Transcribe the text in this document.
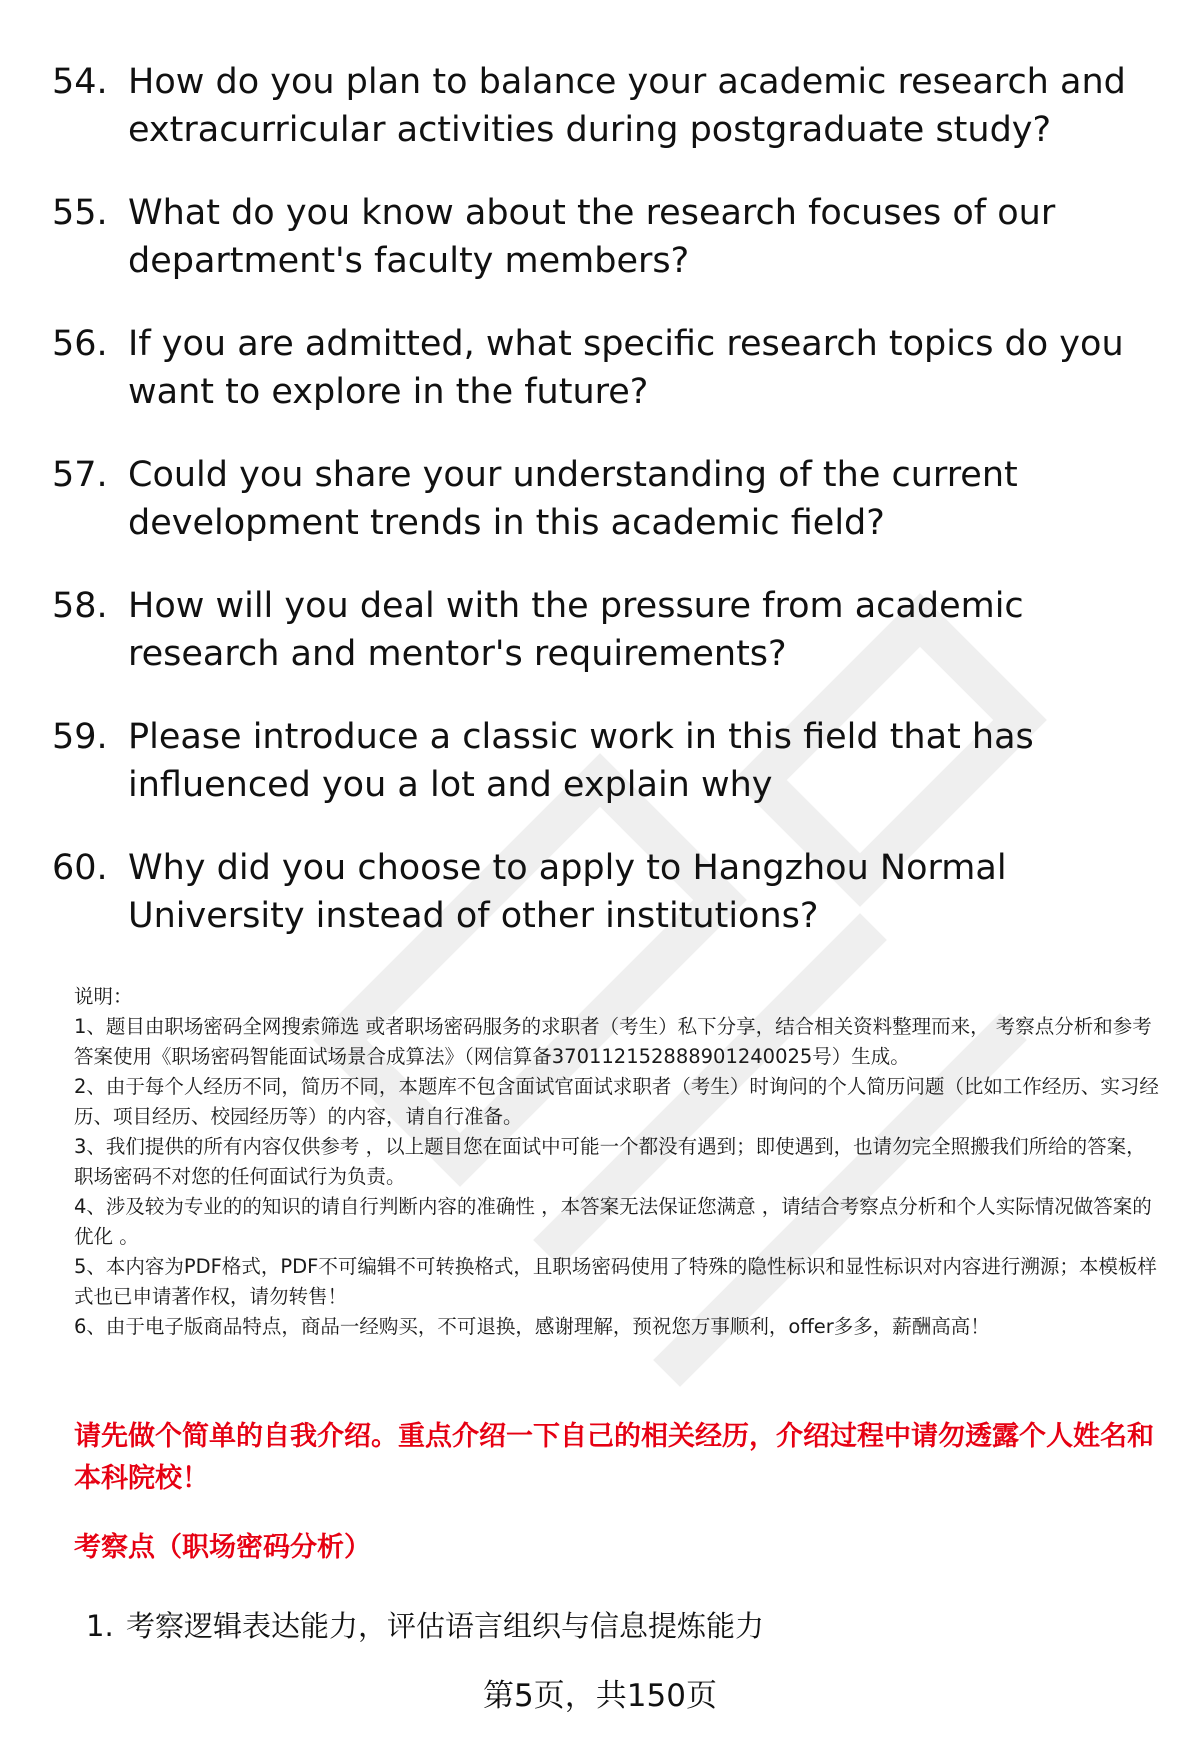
54. How do you plan to balance your academic research and extracurricular activities during postgraduate study?
55. What do you know about the research focuses of our department's faculty members?
56. If you are admitted, what specific research topics do you want to explore in the future?
57. Could you share your understanding of the current development trends in this academic field?
58. How will you deal with the pressure from academic research and mentor's requirements?
59. Please introduce a classic work in this field that has influenced you a lot and explain why
60. Why did you choose to apply to Hangzhou Normal University instead of other institutions?

说明：

1、题目由职场密码全网搜索筛选 或者职场密码服务的求职者（考生）私下分享，结合相关资料整理而来， 考察点分析和参考答案使用《职场密码智能面试场景合成算法》（网信算备370112152888901240025号）生成。

2、由于每个人经历不同，简历不同，本题库不包含面试官面试求职者（考生）时询问的个人简历问题（比如工作经历、实习经历、项目经历、校园经历等）的内容，请自行准备。

3、我们提供的所有内容仅供参考 ，以上题目您在面试中可能一个都没有遇到；即使遇到，也请勿完全照搬我们所给的答案，职场密码不对您的任何面试行为负责。

4、涉及较为专业的的知识的请自行判断内容的准确性 ，本答案无法保证您满意 ，请结合考察点分析和个人实际情况做答案的优化 。

5、本内容为PDF格式，PDF不可编辑不可转换格式，且职场密码使用了特殊的隐性标识和显性标识对内容进行溯源；本模板样式也已申请著作权，请勿转售！

6、由于电子版商品特点，商品一经购买，不可退换，感谢理解，预祝您万事顺利，offer多多，薪酬高高！

请先做个简单的自我介绍。重点介绍一下自己的相关经历，介绍过程中请勿透露个人姓名和本科院校！

考察点（职场密码分析）

1. 考察逻辑表达能力，评估语言组织与信息提炼能力
第5页，共150页
